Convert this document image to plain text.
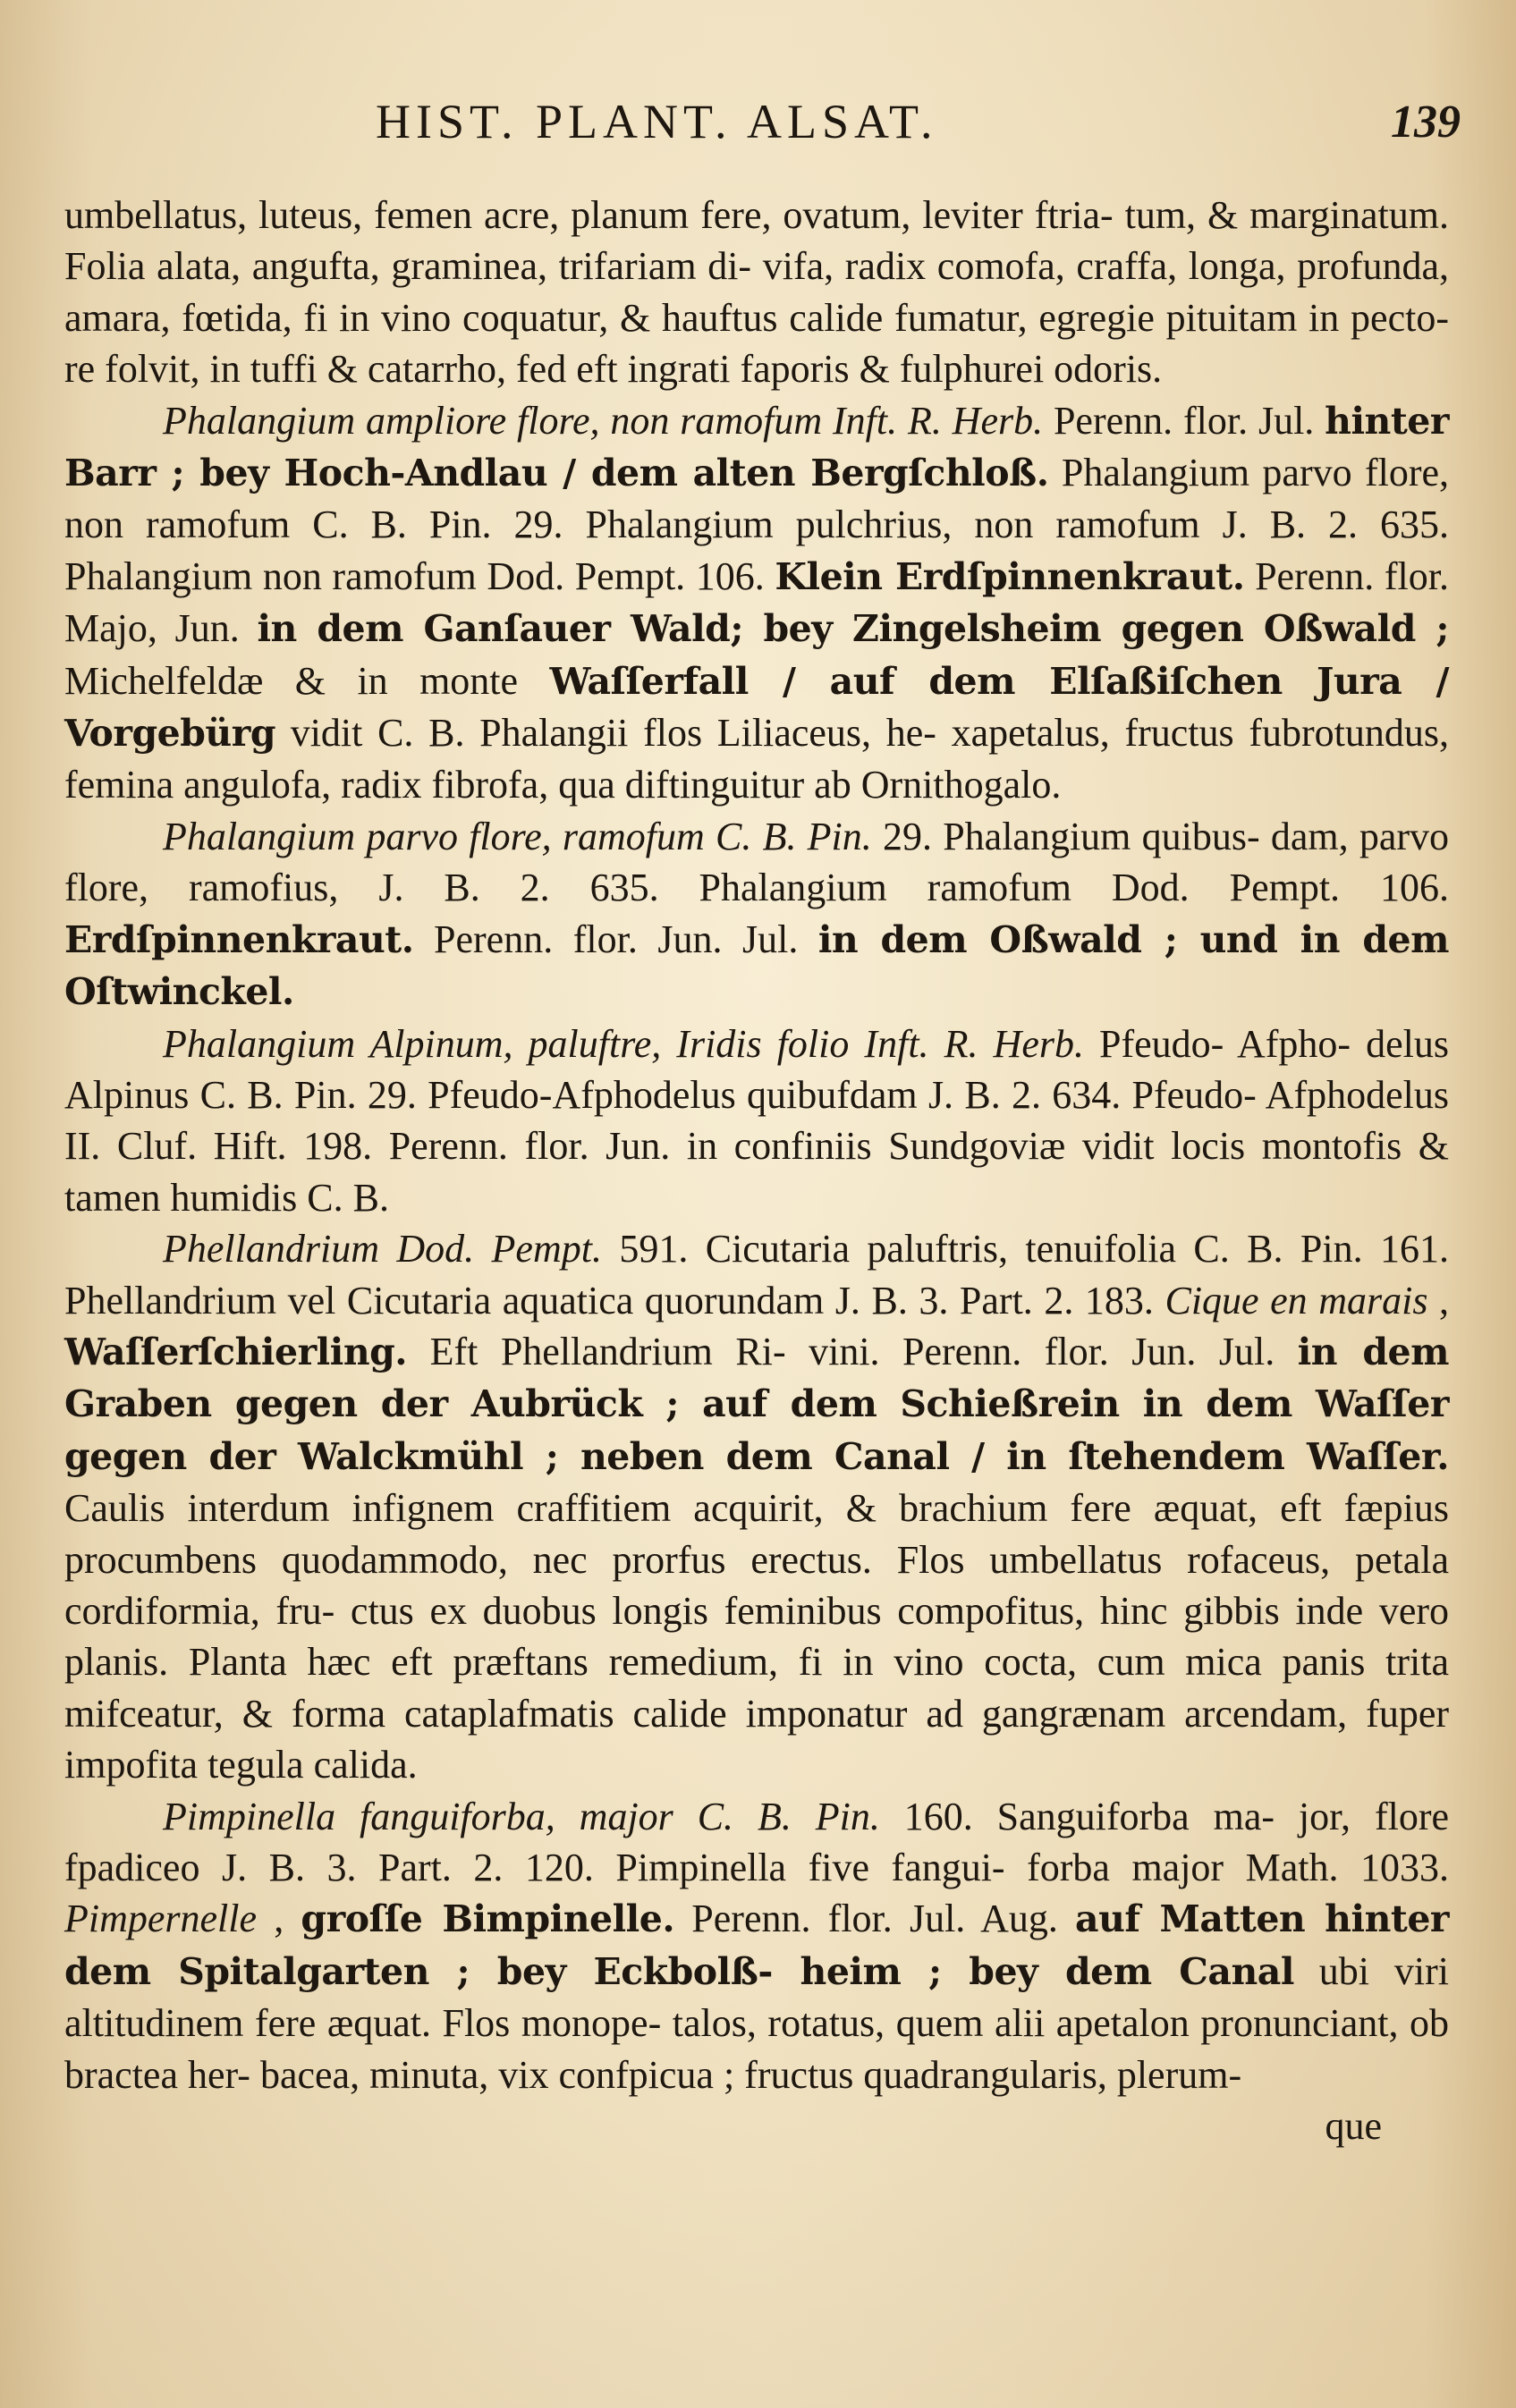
HIST. PLANT. ALSAT.	139

umbellatus, luteus, femen acre, planum fere, ovatum, leviter ftria- tum, & marginatum. Folia alata, angufta, graminea, trifariam di- vifa, radix comofa, craffa, longa, profunda, amara, fœtida, fi in vino coquatur, & hauftus calide fumatur, egregie pituitam in pecto- re folvit, in tuffi & catarrho, fed eft ingrati faporis & fulphurei odoris.

Phalangium ampliore flore, non ramofum Inft. R. Herb. Perenn. flor. Jul. hinter Barr ; bey Hoch-Andlau / dem alten Bergſchloß. Phalangium parvo flore, non ramofum C. B. Pin. 29. Phalangium pulchrius, non ramofum J. B. 2. 635. Phalangium non ramofum Dod. Pempt. 106. Klein Erdſpinnenkraut. Perenn. flor. Majo, Jun. in dem Ganſauer Wald; bey Zingelsheim gegen Oßwald ; Michelfeldæ & in monte Waſſerfall / auf dem Elſaßiſchen Jura / Vorgebürg vidit C. B. Phalangii flos Liliaceus, he- xapetalus, fructus fubrotundus, femina angulofa, radix fibrofa, qua diftinguitur ab Ornithogalo.

Phalangium parvo flore, ramofum C. B. Pin. 29. Phalangium quibus- dam, parvo flore, ramofius, J. B. 2. 635. Phalangium ramofum Dod. Pempt. 106. Erdſpinnenkraut. Perenn. flor. Jun. Jul. in dem Oßwald ; und in dem Oſtwinckel.

Phalangium Alpinum, paluftre, Iridis folio Inft. R. Herb. Pfeudo- Afpho- delus Alpinus C. B. Pin. 29. Pfeudo-Afphodelus quibufdam J. B. 2. 634. Pfeudo- Afphodelus II. Cluf. Hift. 198. Perenn. flor. Jun. in confiniis Sundgoviæ vidit locis montofis & tamen humidis C. B.

Phellandrium Dod. Pempt. 591. Cicutaria paluftris, tenuifolia C. B. Pin. 161. Phellandrium vel Cicutaria aquatica quorundam J. B. 3. Part. 2. 183. Cique en marais , Waſſerſchierling. Eft Phellandrium Ri- vini. Perenn. flor. Jun. Jul. in dem Graben gegen der Aubrück ; auf dem Schießrein in dem Waſſer gegen der Walckmühl ; neben dem Canal / in ſtehendem Waſſer. Caulis interdum infignem craffitiem acquirit, & brachium fere æquat, eft fæpius procumbens quodammodo, nec prorfus erectus. Flos umbellatus rofaceus, petala cordiformia, fru- ctus ex duobus longis feminibus compofitus, hinc gibbis inde vero planis. Planta hæc eft præftans remedium, fi in vino cocta, cum mica panis trita mifceatur, & forma cataplafmatis calide imponatur ad gangrænam arcendam, fuper impofita tegula calida.

Pimpinella fanguiforba, major C. B. Pin. 160. Sanguiforba ma- jor, flore fpadiceo J. B. 3. Part. 2. 120. Pimpinella five fangui- forba major Math. 1033. Pimpernelle , groſſe Bimpinelle. Perenn. flor. Jul. Aug. auf Matten hinter dem Spitalgarten ; bey Eckbolß- heim ; bey dem Canal ubi viri altitudinem fere æquat. Flos monope- talos, rotatus, quem alii apetalon pronunciant, ob bractea her- bacea, minuta, vix confpicua ; fructus quadrangularis, plerum-

que
